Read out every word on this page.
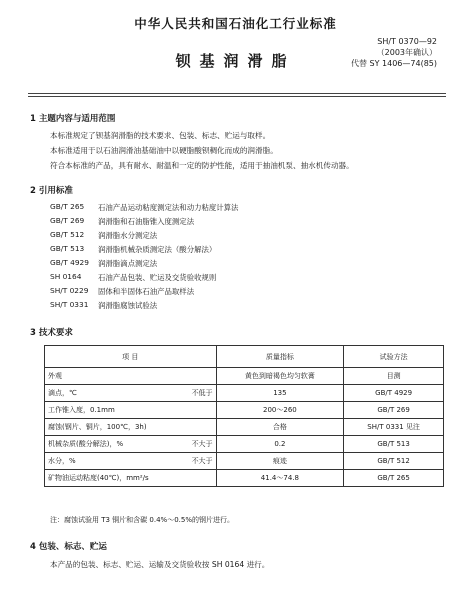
中华人民共和国石油化工行业标准
SH/T 0370—92
（2003年确认）
代替 SY 1406—74(85)
钡基润滑脂
1 主题内容与适用范围
本标准规定了钡基润滑脂的技术要求、包装、标志、贮运与取样。
本标准适用于以石油润滑油基础油中以硬脂酸钡稠化而成的润滑脂。
符合本标准的产品，具有耐水、耐温和一定的防护性能，适用于抽油机泵、抽水机传动器。
2 引用标准
GB/T 265 石油产品运动粘度测定法和动力粘度计算法
GB/T 269 润滑脂和石油脂锥入度测定法
GB/T 512 润滑脂水分测定法
GB/T 513 润滑脂机械杂质测定法（酸分解法）
GB/T 4929 润滑脂滴点测定法
SH 0164 石油产品包装、贮运及交货验收规则
SH/T 0229 固体和半固体石油产品取样法
SH/T 0331 润滑脂腐蚀试验法
3 技术要求
项 目	质量指标	试验方法
外观	黄色到暗褐色均匀软膏	目测
滴点，℃ 不低于	135	GB/T 4929
工作锥入度，0.1mm	200～260	GB/T 269
腐蚀(钢片、铜片，100℃，3h)	合格	SH/T 0331 见注
机械杂质(酸分解法)，% 不大于	0.2	GB/T 513
水分，% 不大于	痕迹	GB/T 512
矿物油运动粘度(40℃)，mm²/s	41.4～74.8	GB/T 265
注：腐蚀试验用 T3 铜片和含碳 0.4%～0.5%的钢片进行。
4 包装、标志、贮运
本产品的包装、标志、贮运、运输及交货验收按 SH 0164 进行。
